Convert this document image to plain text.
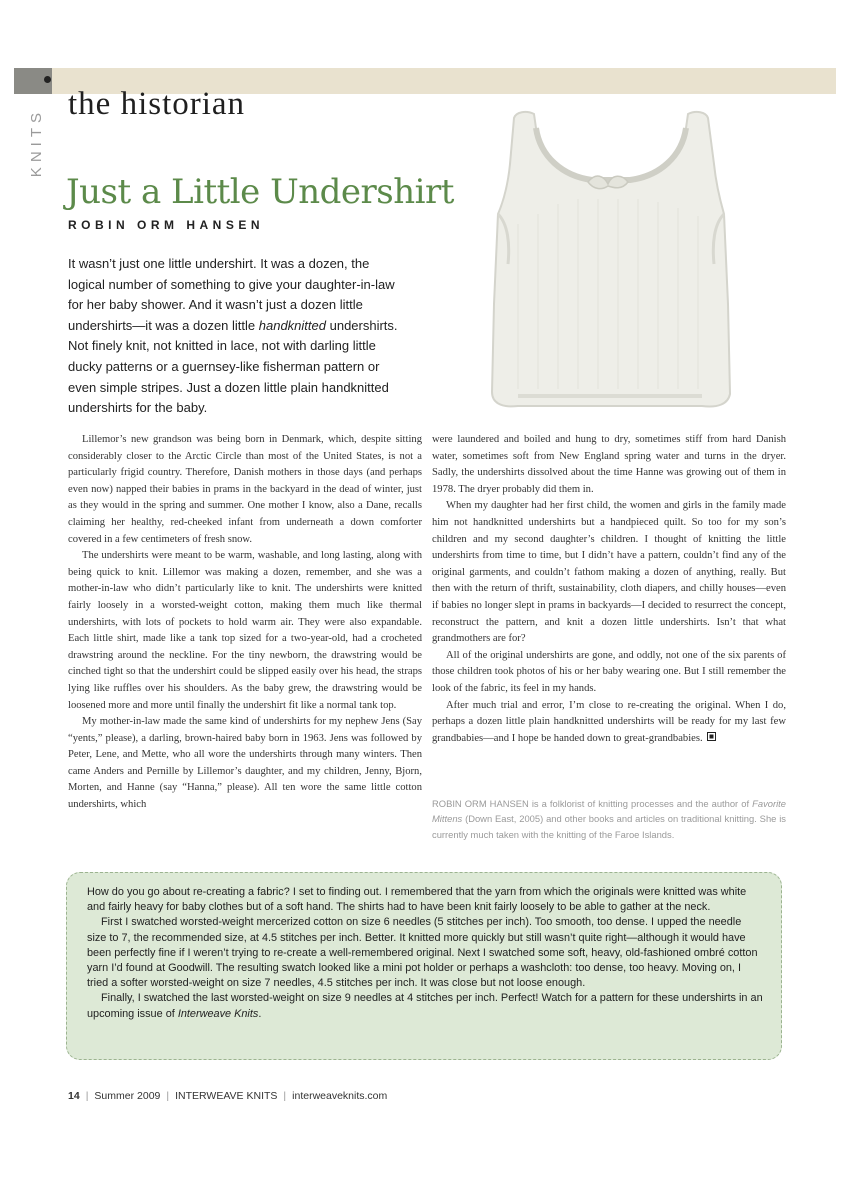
KNITS
the historian
Just a Little Undershirt
ROBIN ORM HANSEN
It wasn’t just one little undershirt. It was a dozen, the logical number of something to give your daughter-in-law for her baby shower. And it wasn’t just a dozen little undershirts—it was a dozen little handknitted undershirts. Not finely knit, not knitted in lace, not with darling little ducky patterns or a guernsey-like fisherman pattern or even simple stripes. Just a dozen little plain handknitted undershirts for the baby.

Lillemor’s new grandson was being born in Denmark, which, despite sitting considerably closer to the Arctic Circle than most of the United States, is not a particularly frigid country. Therefore, Danish mothers in those days (and perhaps even now) napped their babies in prams in the backyard in the dead of winter, just as they would in the spring and summer. One mother I know, also a Dane, recalls claiming her healthy, red-cheeked infant from underneath a down comforter covered in a few centimeters of fresh snow.

The undershirts were meant to be warm, washable, and long lasting, along with being quick to knit. Lillemor was making a dozen, remember, and she was a mother-in-law who didn’t particularly like to knit. The undershirts were knitted fairly loosely in a worsted-weight cotton, making them much like thermal undershirts, with lots of pockets to hold warm air. They were also expandable. Each little shirt, made like a tank top sized for a two-year-old, had a crocheted drawstring around the neckline. For the tiny newborn, the drawstring would be cinched tight so that the undershirt could be slipped easily over his head, the straps lying like ruffles over his shoulders. As the baby grew, the drawstring would be loosened more and more until finally the undershirt fit like a normal tank top.

My mother-in-law made the same kind of undershirts for my nephew Jens (Say “yents,” please), a darling, brown-haired baby born in 1963. Jens was followed by Peter, Lene, and Mette, who all wore the undershirts through many winters. Then came Anders and Pernille by Lillemor’s daughter, and my children, Jenny, Bjorn, Morten, and Hanne (say “Hanna,” please). All ten wore the same little cotton undershirts, which

were laundered and boiled and hung to dry, sometimes stiff from hard Danish water, sometimes soft from New England spring water and turns in the dryer. Sadly, the undershirts dissolved about the time Hanne was growing out of them in 1978. The dryer probably did them in.

When my daughter had her first child, the women and girls in the family made him not handknitted undershirts but a handpieced quilt. So too for my son’s children and my second daughter’s children. I thought of knitting the little undershirts from time to time, but I didn’t have a pattern, couldn’t find any of the original garments, and couldn’t fathom making a dozen of anything, really. But then with the return of thrift, sustainability, cloth diapers, and chilly houses—even if babies no longer slept in prams in backyards—I decided to resurrect the concept, reconstruct the pattern, and knit a dozen little undershirts. Isn’t that what grandmothers are for?

All of the original undershirts are gone, and oddly, not one of the six parents of those children took photos of his or her baby wearing one. But I still remember the look of the fabric, its feel in my hands.

After much trial and error, I’m close to re-creating the original. When I do, perhaps a dozen little plain handknitted undershirts will be ready for my last few grandbabies—and I hope be handed down to great-grandbabies.

ROBIN ORM HANSEN is a folklorist of knitting processes and the author of Favorite Mittens (Down East, 2005) and other books and articles on traditional knitting. She is currently much taken with the knitting of the Faroe Islands.

How do you go about re-creating a fabric? I set to finding out. I remembered that the yarn from which the originals were knitted was white and fairly heavy for baby clothes but of a soft hand. The shirts had to have been knit fairly loosely to be able to gather at the neck.

First I swatched worsted-weight mercerized cotton on size 6 needles (5 stitches per inch). Too smooth, too dense. I upped the needle size to 7, the recommended size, at 4.5 stitches per inch. Better. It knitted more quickly but still wasn’t quite right—although it would have been perfectly fine if I weren’t trying to re-create a well-remembered original. Next I swatched some soft, heavy, old-fashioned ombré cotton yarn I’d found at Goodwill. The resulting swatch looked like a mini pot holder or perhaps a washcloth: too dense, too heavy. Moving on, I tried a softer worsted-weight on size 7 needles, 4.5 stitches per inch. It was close but not loose enough.

Finally, I swatched the last worsted-weight on size 9 needles at 4 stitches per inch. Perfect! Watch for a pattern for these undershirts in an upcoming issue of Interweave Knits.

14 | Summer 2009 | INTERWEAVE KNITS | interweaveknits.com
